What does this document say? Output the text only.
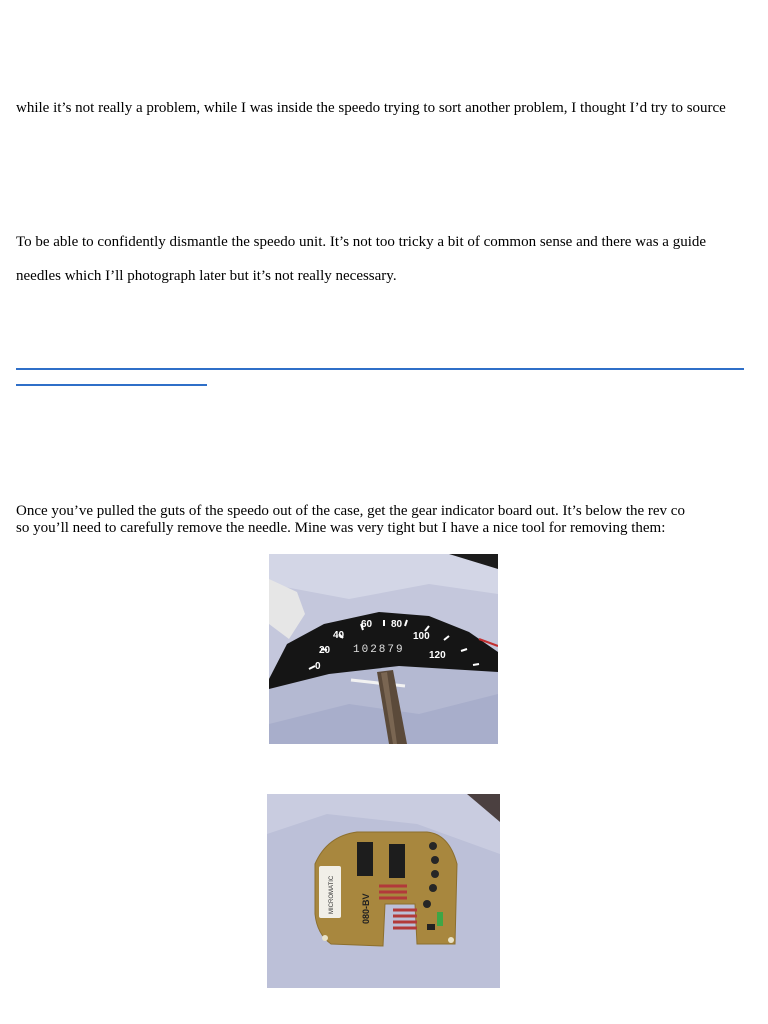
while it’s not really a problem, while I was inside the speedo trying to sort another problem, I thought I’d try to source
To be able to confidently dismantle the speedo unit. It’s not too tricky a bit of common sense and there was a guide
needles which I’ll photograph later but it’s not really necessary.
Once you’ve pulled the guts of the speedo out of the case, get the gear indicator board out. It’s below the rev co
so you’ll need to carefully remove the needle. Mine was very tight but I have a nice tool for removing them:
0
20
40
60 80
100
120
102879
MICROMATIC	080-BV
